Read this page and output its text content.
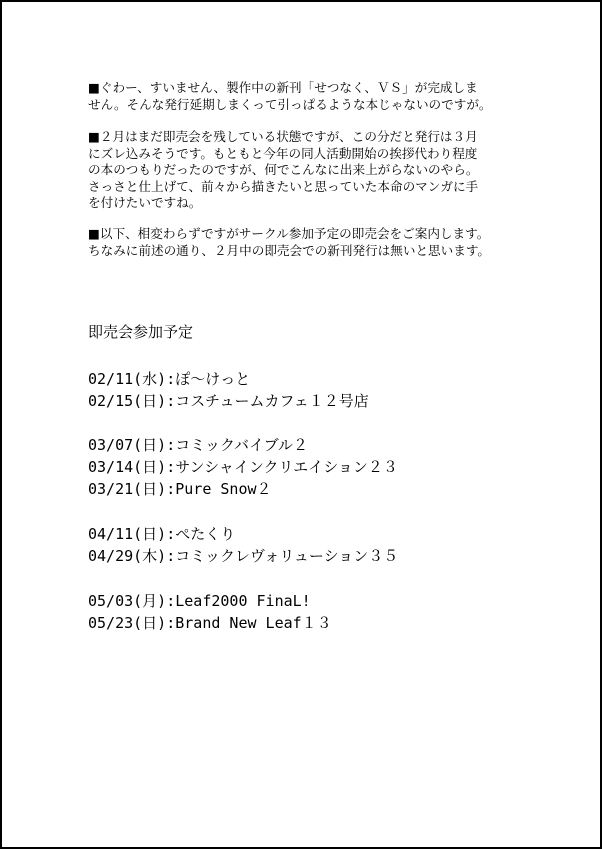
■ぐわー、すいません、製作中の新刊「せつなく、ＶＳ」が完成しま
せん。そんな発行延期しまくって引っぱるような本じゃないのですが。

■２月はまだ即売会を残している状態ですが、この分だと発行は３月
にズレ込みそうです。もともと今年の同人活動開始の挨拶代わり程度
の本のつもりだったのですが、何でこんなに出来上がらないのやら。
さっさと仕上げて、前々から描きたいと思っていた本命のマンガに手
を付けたいですね。

■以下、相変わらずですがサークル参加予定の即売会をご案内します。
ちなみに前述の通り、２月中の即売会での新刊発行は無いと思います。

即売会参加予定
02/11(水):ぽ～けっと
02/15(日):コスチュームカフェ１２号店
03/07(日):コミックバイブル２
03/14(日):サンシャインクリエイション２３
03/21(日):Pure Snow２
04/11(日):ぺたくり
04/29(木):コミックレヴォリューション３５
05/03(月):Leaf2000 FinaL!
05/23(日):Brand New Leaf１３
